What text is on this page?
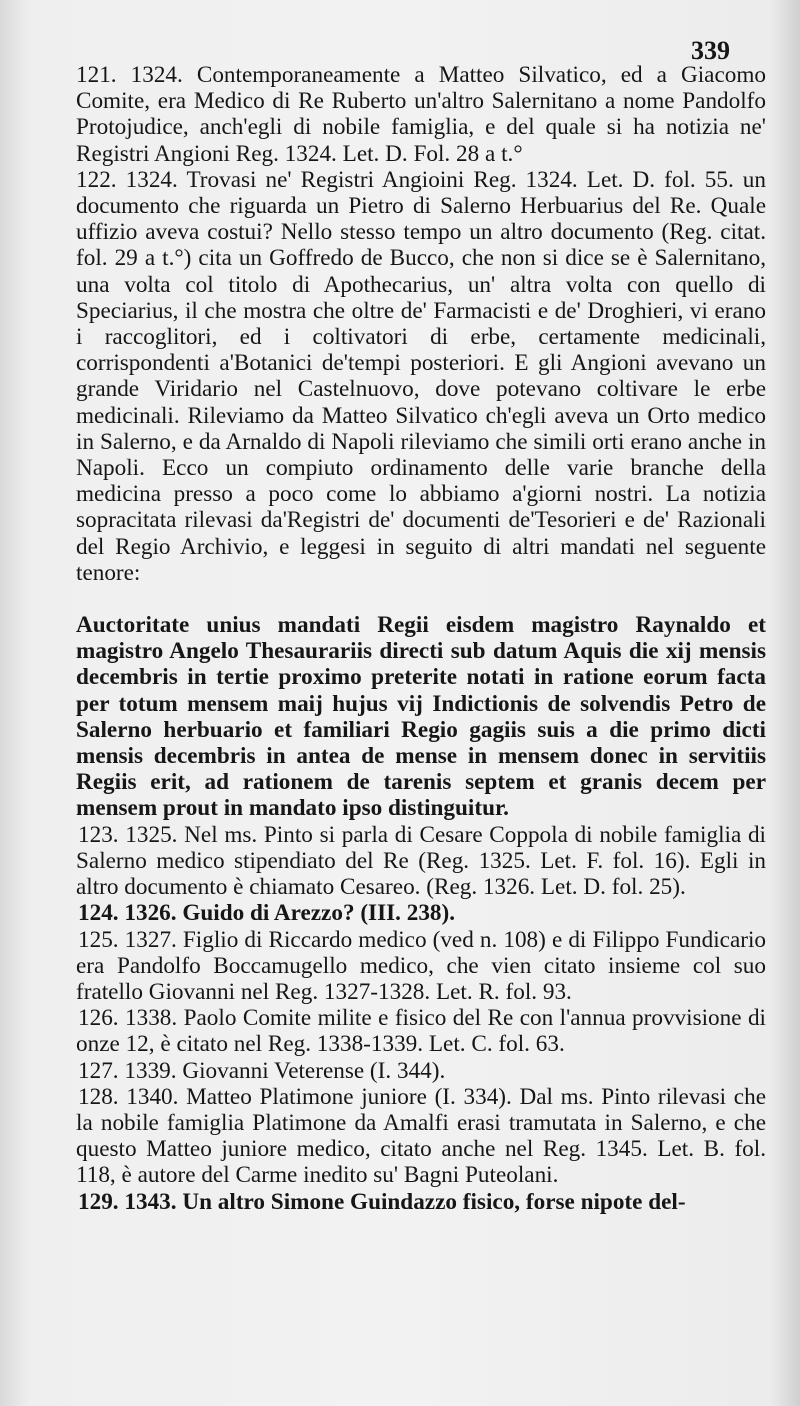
339

121. 1324. Contemporaneamente a Matteo Silvatico, ed a Giacomo Comite, era Medico di Re Ruberto un'altro Salernitano a nome Pandolfo Protojudice, anch'egli di nobile famiglia, e del quale si ha notizia ne' Registri Angioni Reg. 1324. Let. D. Fol. 28 a t.°

122. 1324. Trovasi ne' Registri Angioini Reg. 1324. Let. D. fol. 55. un documento che riguarda un Pietro di Salerno Herbuarius del Re. Quale uffizio aveva costui? Nello stesso tempo un altro documento (Reg. citat. fol. 29 a t.°) cita un Goffredo de Bucco, che non si dice se è Salernitano, una volta col titolo di Apothecarius, un' altra volta con quello di Speciarius, il che mostra che oltre de' Farmacisti e de' Droghieri, vi erano i raccoglitori, ed i coltivatori di erbe, certamente medicinali, corrispondenti a'Botanici de'tempi posteriori. E gli Angioni avevano un grande Viridario nel Castelnuovo, dove potevano coltivare le erbe medicinali. Rileviamo da Matteo Silvatico ch'egli aveva un Orto medico in Salerno, e da Arnaldo di Napoli rileviamo che simili orti erano anche in Napoli. Ecco un compiuto ordinamento delle varie branche della medicina presso a poco come lo abbiamo a'giorni nostri. La notizia sopracitata rilevasi da'Registri de' documenti de'Tesorieri e de' Razionali del Regio Archivio, e leggesi in seguito di altri mandati nel seguente tenore:

Auctoritate unius mandati Regii eisdem magistro Raynaldo et magistro Angelo Thesaurariis directi sub datum Aquis die xij mensis decembris in tertie proximo preterite notati in ratione eorum facta per totum mensem maij hujus vij Indictionis de solvendis Petro de Salerno herbuario et familiari Regio gagiis suis a die primo dicti mensis decembris in antea de mense in mensem donec in servitiis Regiis erit, ad rationem de tarenis septem et granis decem per mensem prout in mandato ipso distinguitur.

123. 1325. Nel ms. Pinto si parla di Cesare Coppola di nobile famiglia di Salerno medico stipendiato del Re (Reg. 1325. Let. F. fol. 16). Egli in altro documento è chiamato Cesareo. (Reg. 1326. Let. D. fol. 25).

124. 1326. Guido di Arezzo? (III. 238).

125. 1327. Figlio di Riccardo medico (ved n. 108) e di Filippo Fundicario era Pandolfo Boccamugello medico, che vien citato insieme col suo fratello Giovanni nel Reg. 1327-1328. Let. R. fol. 93.

126. 1338. Paolo Comite milite e fisico del Re con l'annua provvisione di onze 12, è citato nel Reg. 1338-1339. Let. C. fol. 63.

127. 1339. Giovanni Veterense (I. 344).

128. 1340. Matteo Platimone juniore (I. 334). Dal ms. Pinto rilevasi che la nobile famiglia Platimone da Amalfi erasi tramutata in Salerno, e che questo Matteo juniore medico, citato anche nel Reg. 1345. Let. B. fol. 118, è autore del Carme inedito su' Bagni Puteolani.

129. 1343. Un altro Simone Guindazzo fisico, forse nipote del-
